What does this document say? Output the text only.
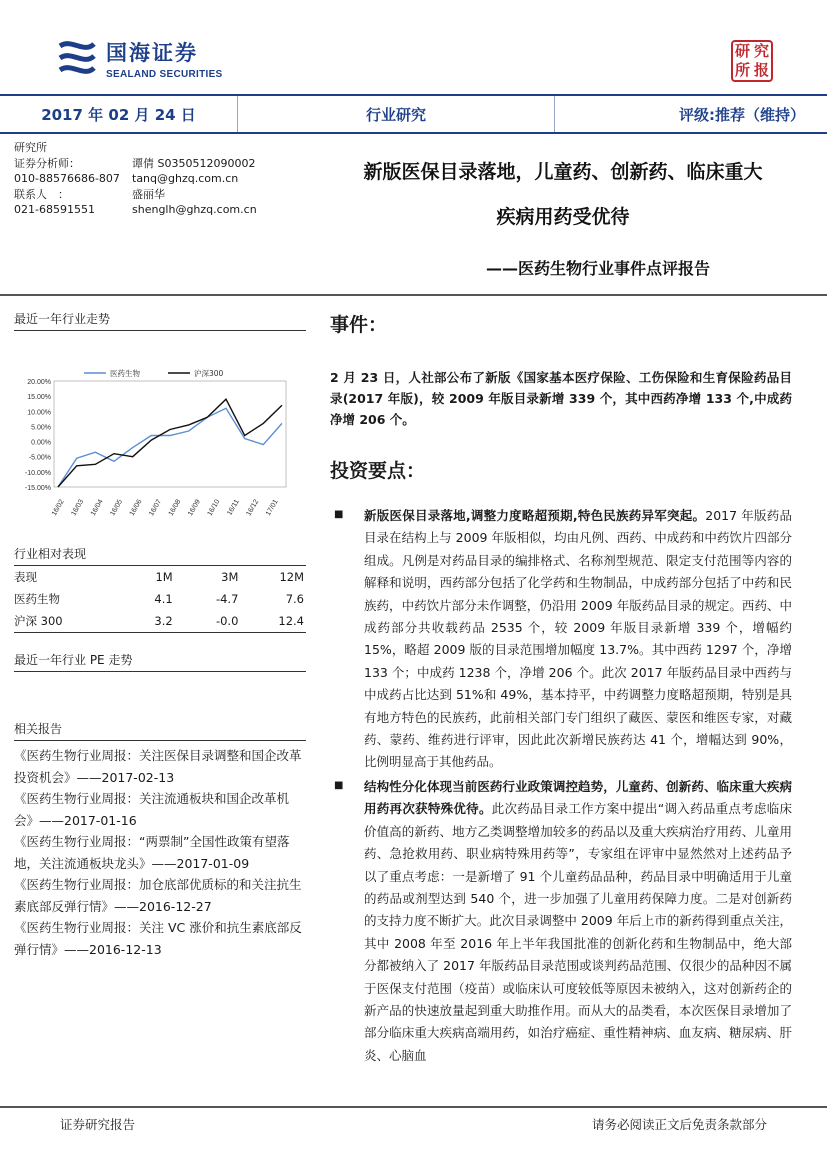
国海证券
SEALAND SECURITIES
研 究
所 报
2017 年 02 月 24 日	行业研究	评级:推荐（维持）
研究所
证券分析师：	谭倩 S0350512090002
010-88576686-807	tanq@ghzq.com.cn
联系人　：	盛丽华
021-68591551	shenglh@ghzq.com.cn
新版医保目录落地，儿童药、创新药、临床重大
疾病用药受优待
——医药生物行业事件点评报告
最近一年行业走势
20.00%
15.00%
10.00%
5.00%
0.00%
-5.00%
-10.00%
-15.00%
16/02 16/03 16/04 16/05 16/06 16/07 16/08 16/09 16/10 16/11 16/12 17/01
医药生物	沪深300
行业相对表现
表现	1M	3M	12M
医药生物	4.1	-4.7	7.6
沪深 300	3.2	-0.0	12.4
最近一年行业 PE 走势
相关报告
《医药生物行业周报：关注医保目录调整和国企改革投资机会》——2017-02-13
《医药生物行业周报：关注流通板块和国企改革机会》——2017-01-16
《医药生物行业周报：“两票制”全国性政策有望落地，关注流通板块龙头》——2017-01-09
《医药生物行业周报：加仓底部优质标的和关注抗生素底部反弹行情》——2016-12-27
《医药生物行业周报：关注 VC 涨价和抗生素底部反弹行情》——2016-12-13
事件：
2 月 23 日，人社部公布了新版《国家基本医疗保险、工伤保险和生育保险药品目录(2017 年版)，较 2009 年版目录新增 339 个，其中西药净增 133 个,中成药净增 206 个。
投资要点：
■	新版医保目录落地,调整力度略超预期,特色民族药异军突起。2017 年版药品目录在结构上与 2009 年版相似，均由凡例、西药、中成药和中药饮片四部分组成。凡例是对药品目录的编排格式、名称剂型规范、限定支付范围等内容的解释和说明，西药部分包括了化学药和生物制品，中成药部分包括了中药和民族药，中药饮片部分未作调整，仍沿用 2009 年版药品目录的规定。西药、中成药部分共收载药品 2535 个，较 2009 年版目录新增 339 个，增幅约 15%，略超 2009 版的目录范围增加幅度 13.7%。其中西药 1297 个，净增 133 个；中成药 1238 个，净增 206 个。此次 2017 年版药品目录中西药与中成药占比达到 51%和 49%，基本持平，中药调整力度略超预期，特别是具有地方特色的民族药，此前相关部门专门组织了藏医、蒙医和维医专家，对藏药、蒙药、维药进行评审，因此此次新增民族药达 41 个，增幅达到 90%，比例明显高于其他药品。
■	结构性分化体现当前医药行业政策调控趋势，儿童药、创新药、临床重大疾病用药再次获特殊优待。此次药品目录工作方案中提出“调入药品重点考虑临床价值高的新药、地方乙类调整增加较多的药品以及重大疾病治疗用药、儿童用药、急抢救用药、职业病特殊用药等”，专家组在评审中显然然对上述药品予以了重点考虑：一是新增了 91 个儿童药品品种，药品目录中明确适用于儿童的药品或剂型达到 540 个，进一步加强了儿童用药保障力度。二是对创新药的支持力度不断扩大。此次目录调整中 2009 年后上市的新药得到重点关注，其中 2008 年至 2016 年上半年我国批准的创新化药和生物制品中，绝大部分都被纳入了 2017 年版药品目录范围或谈判药品范围、仅很少的品种因不属于医保支付范围（疫苗）或临床认可度较低等原因未被纳入，这对创新药企的新产品的快速放量起到重大助推作用。而从大的品类看，本次医保目录增加了部分临床重大疾病高端用药，如治疗癌症、重性精神病、血友病、糖尿病、肝炎、心脑血
证券研究报告	请务必阅读正文后免责条款部分
